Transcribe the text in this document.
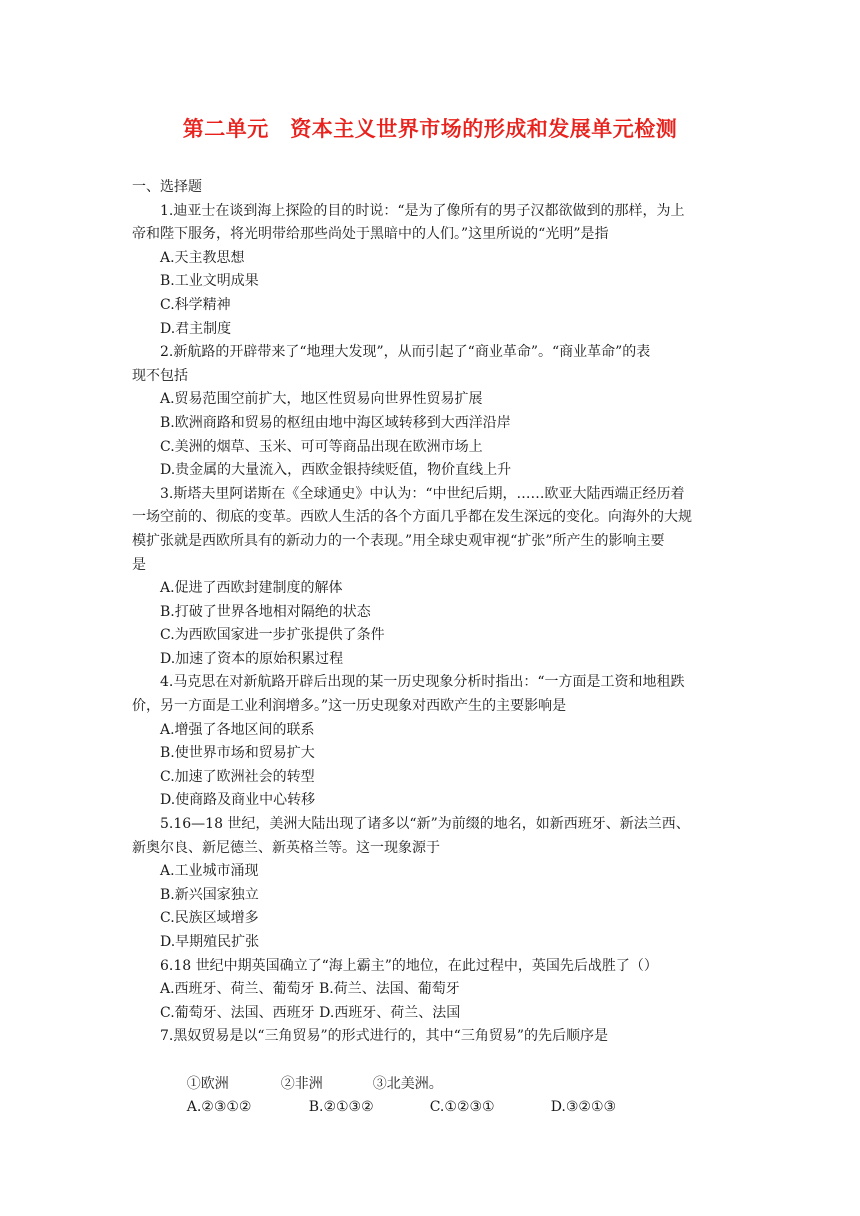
第二单元　资本主义世界市场的形成和发展单元检测
一、选择题
1.迪亚士在谈到海上探险的目的时说：“是为了像所有的男子汉都欲做到的那样，为上
帝和陛下服务，将光明带给那些尚处于黑暗中的人们。”这里所说的“光明”是指
A.天主教思想
B.工业文明成果
C.科学精神
D.君主制度
2.新航路的开辟带来了“地理大发现”，从而引起了“商业革命”。“商业革命”的表
现不包括
A.贸易范围空前扩大，地区性贸易向世界性贸易扩展
B.欧洲商路和贸易的枢纽由地中海区域转移到大西洋沿岸
C.美洲的烟草、玉米、可可等商品出现在欧洲市场上
D.贵金属的大量流入，西欧金银持续贬值，物价直线上升
3.斯塔夫里阿诺斯在《全球通史》中认为：“中世纪后期，……欧亚大陆西端正经历着
一场空前的、彻底的变革。西欧人生活的各个方面几乎都在发生深远的变化。向海外的大规
模扩张就是西欧所具有的新动力的一个表现。”用全球史观审视“扩张”所产生的影响主要
是
A.促进了西欧封建制度的解体
B.打破了世界各地相对隔绝的状态
C.为西欧国家进一步扩张提供了条件
D.加速了资本的原始积累过程
4.马克思在对新航路开辟后出现的某一历史现象分析时指出：“一方面是工资和地租跌
价，另一方面是工业利润增多。”这一历史现象对西欧产生的主要影响是
A.增强了各地区间的联系
B.使世界市场和贸易扩大
C.加速了欧洲社会的转型
D.使商路及商业中心转移
5.16—18 世纪，美洲大陆出现了诸多以“新”为前缀的地名，如新西班牙、新法兰西、
新奥尔良、新尼德兰、新英格兰等。这一现象源于
A.工业城市涌现
B.新兴国家独立
C.民族区域增多
D.早期殖民扩张
6.18 世纪中期英国确立了“海上霸主”的地位，在此过程中，英国先后战胜了（）
A.西班牙、荷兰、葡萄牙 B.荷兰、法国、葡萄牙
C.葡萄牙、法国、西班牙 D.西班牙、荷兰、法国
7.黑奴贸易是以“三角贸易”的形式进行的，其中“三角贸易”的先后顺序是

①欧洲	②非洲	③北美洲。

A.②③①②	B.②①③②	C.①②③①	D.③②①③
